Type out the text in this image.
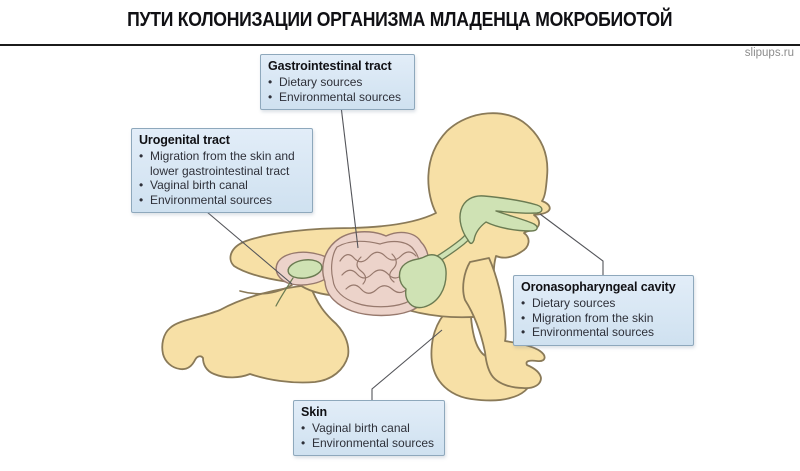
ПУТИ КОЛОНИЗАЦИИ ОРГАНИЗМА МЛАДЕНЦА МОКРОБИОТОЙ
slipups.ru
Gastrointestinal tract
• Dietary sources
• Environmental sources
Urogenital tract
• Migration from the skin and lower gastrointestinal tract
• Vaginal birth canal
• Environmental sources
Oronasopharyngeal cavity
• Dietary sources
• Migration from the skin
• Environmental sources
Skin
• Vaginal birth canal
• Environmental sources
